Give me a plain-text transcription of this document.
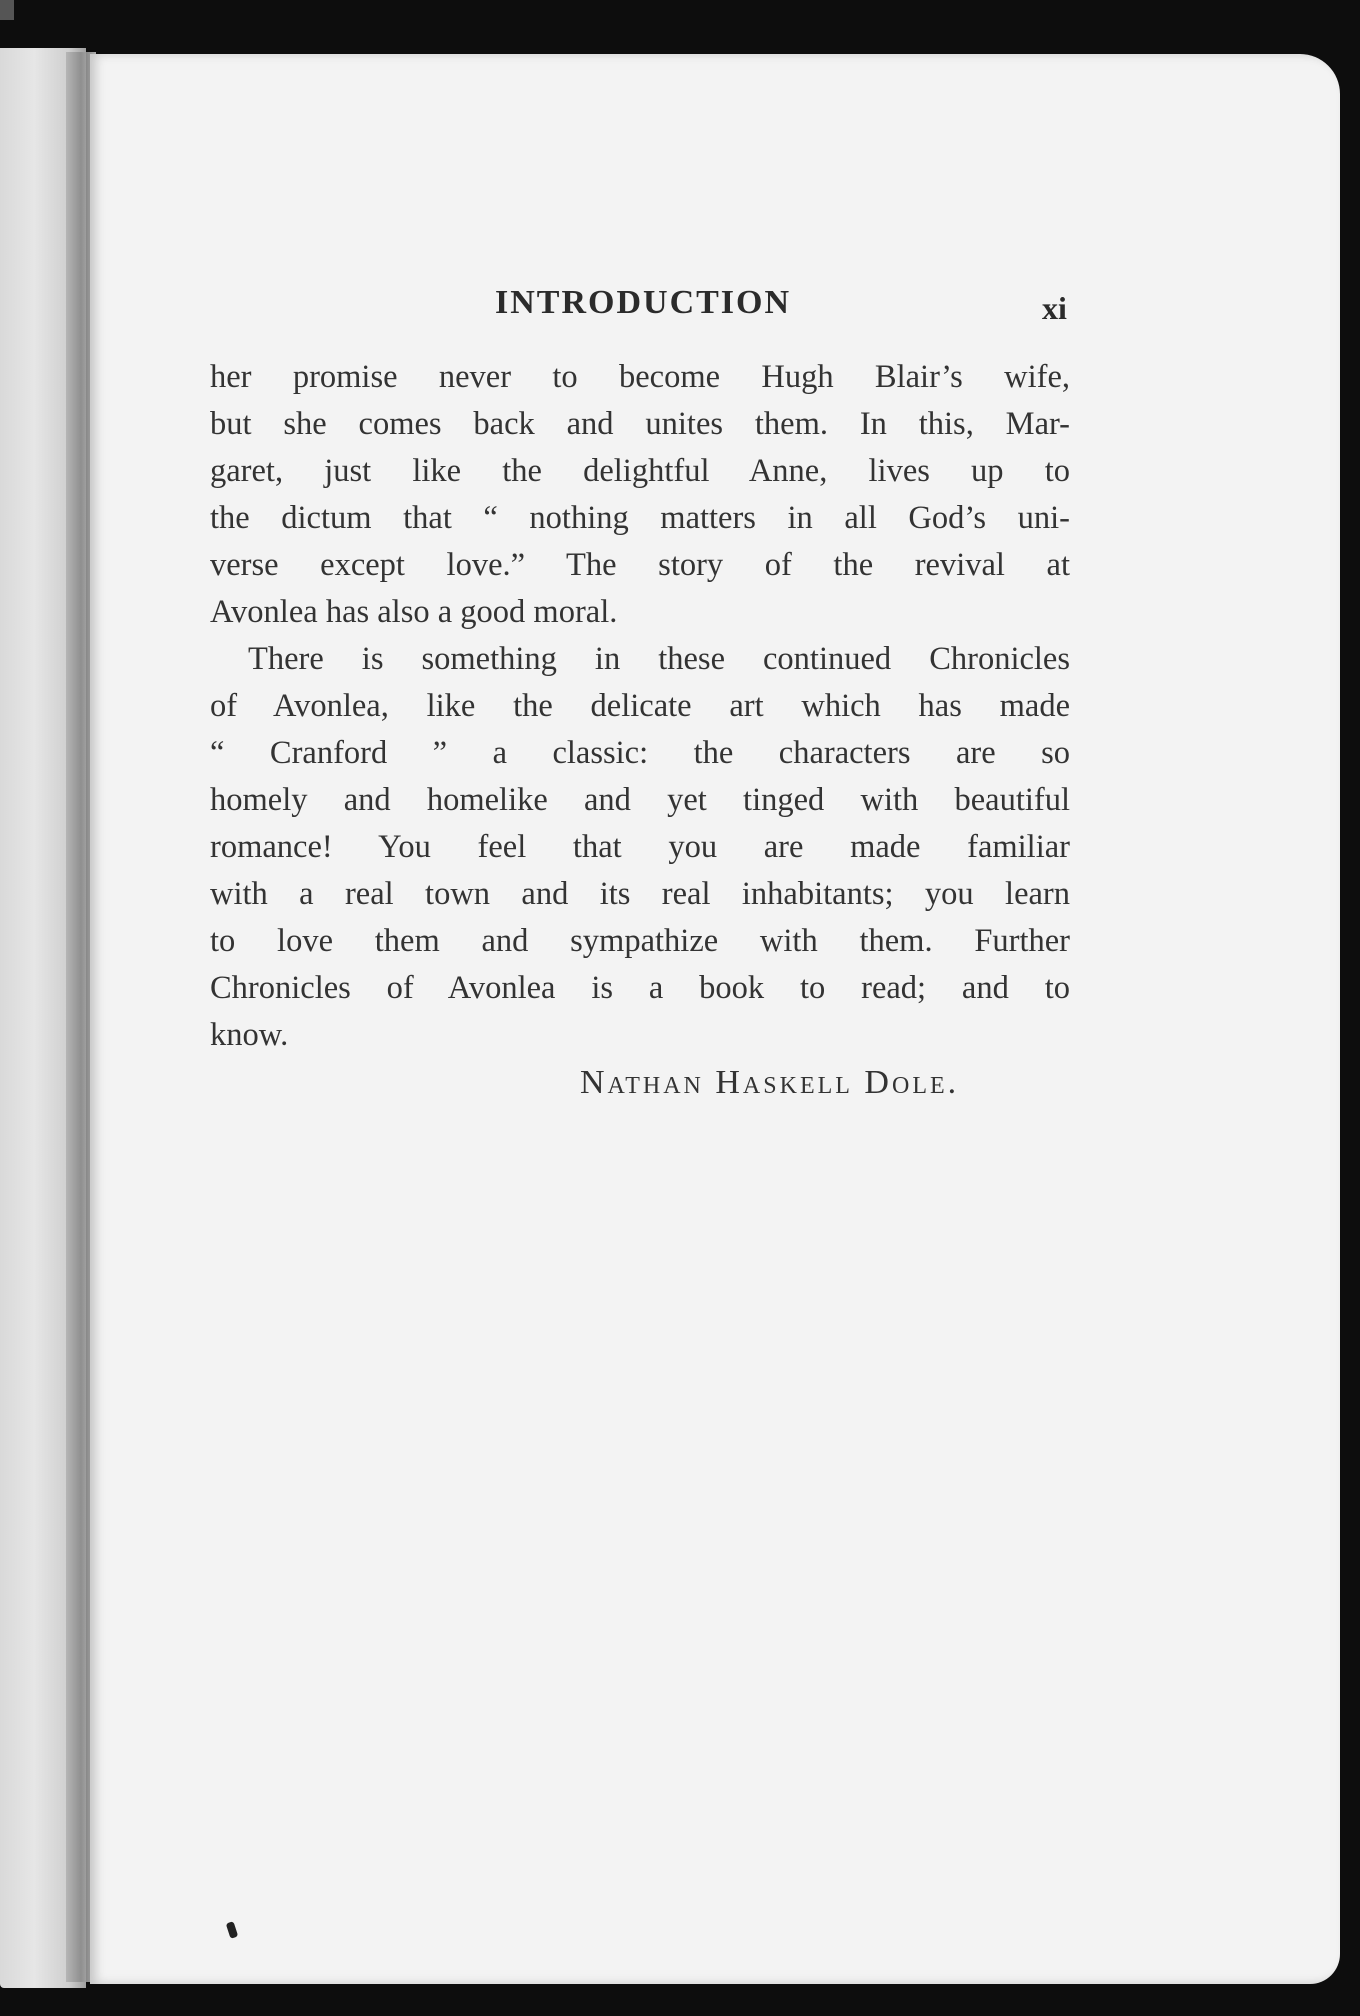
INTRODUCTION	xi
her promise never to become Hugh Blair’s wife,
but she comes back and unites them. In this, Mar-
garet, just like the delightful Anne, lives up to
the dictum that “ nothing matters in all God’s uni-
verse except love.” The story of the revival at
Avonlea has also a good moral.
There is something in these continued Chronicles
of Avonlea, like the delicate art which has made
“ Cranford ” a classic: the characters are so
homely and homelike and yet tinged with beautiful
romance! You feel that you are made familiar
with a real town and its real inhabitants; you learn
to love them and sympathize with them. Further
Chronicles of Avonlea is a book to read; and to
know.
Nathan Haskell Dole.
